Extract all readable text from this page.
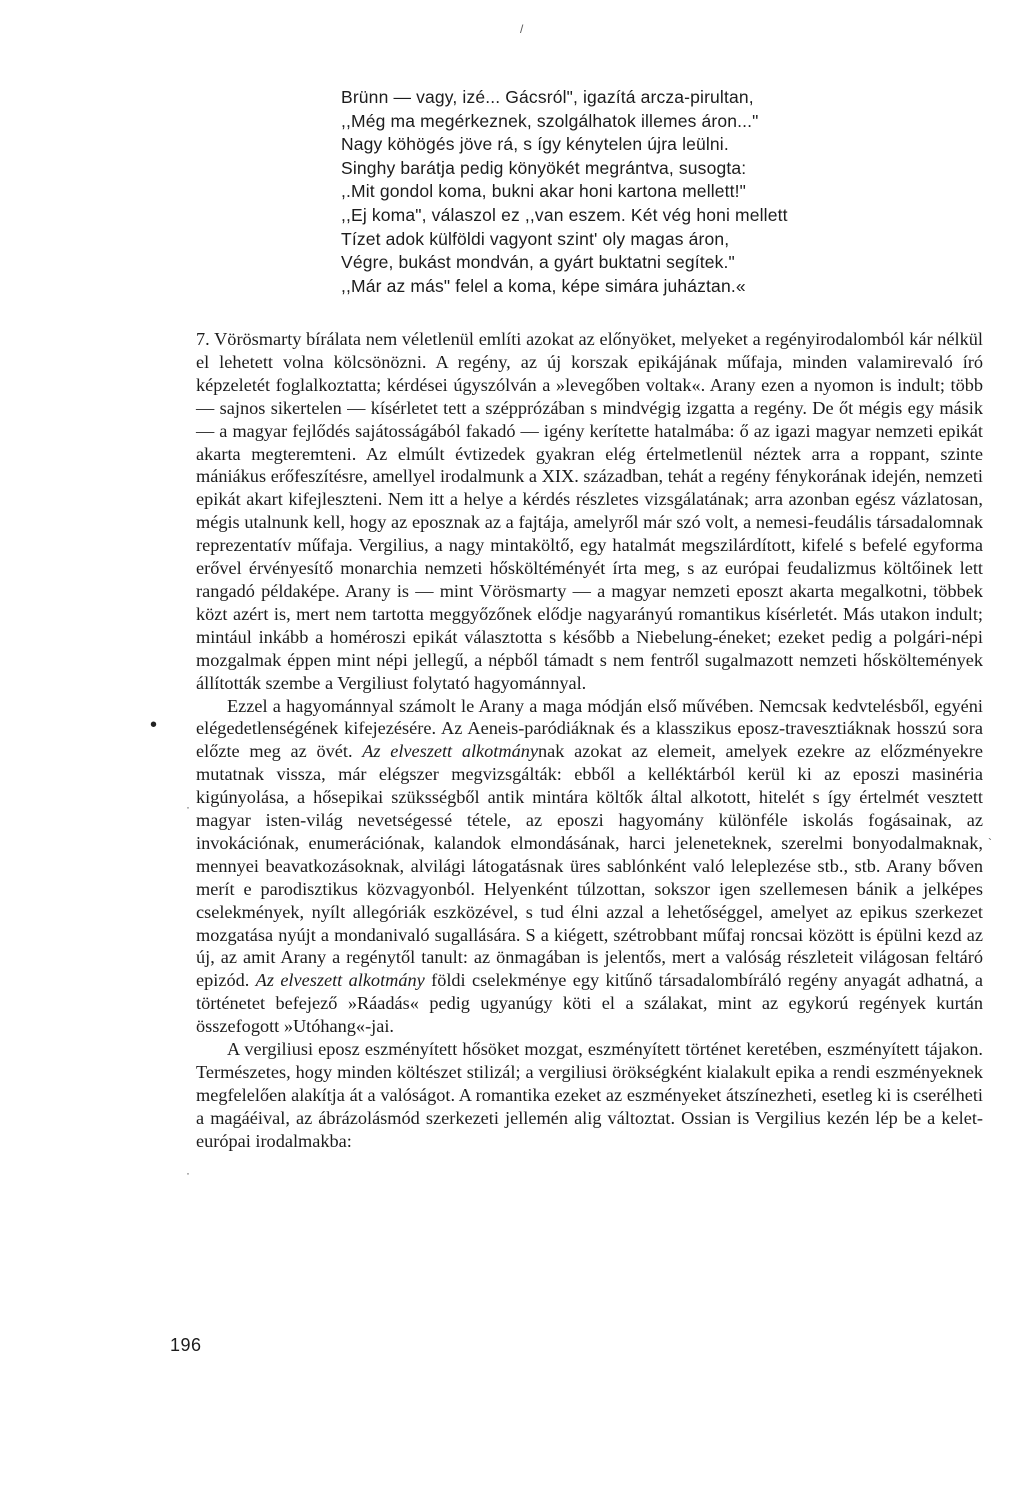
/
Brünn — vagy, izé... Gácsról", igazítá arcza-pirultan,
,,Még ma megérkeznek, szolgálhatok illemes áron..."
Nagy köhögés jöve rá, s így kénytelen újra leülni.
Singhy barátja pedig könyökét megrántva, susogta:
,.Mit gondol koma, bukni akar honi kartona mellett!"
,,Ej koma", válaszol ez ,,van eszem. Két vég honi mellett
Tízet adok külföldi vagyont szint' oly magas áron,
Végre, bukást mondván, a gyárt buktatni segítek."
,,Már az más" felel a koma, képe simára juháztan.«

7. Vörösmarty bírálata nem véletlenül említi azokat az előnyöket, melyeket a regényirodalomból kár nélkül el lehetett volna kölcsönözni. A regény, az új korszak epikájának műfaja, minden valamirevaló író képzeletét foglalkoztatta; kérdései úgyszólván a »levegőben voltak«. Arany ezen a nyomon is indult; több — sajnos sikertelen — kísérletet tett a szépprózában s mindvégig izgatta a regény. De őt mégis egy másik — a magyar fejlődés sajátosságából fakadó — igény kerítette hatalmába: ő az igazi magyar nemzeti epikát akarta megteremteni. Az elmúlt évtizedek gyakran elég értelmetlenül néztek arra a roppant, szinte mániákus erőfeszítésre, amellyel irodalmunk a XIX. században, tehát a regény fénykorának idején, nemzeti epikát akart kifejleszteni. Nem itt a helye a kérdés részletes vizsgálatának; arra azonban egész vázlatosan, mégis utalnunk kell, hogy az eposznak az a fajtája, amelyről már szó volt, a nemesi-feudális társadalomnak reprezentatív műfaja. Vergilius, a nagy mintaköltő, egy hatalmát megszilárdított, kifelé s befelé egyforma erővel érvényesítő monarchia nemzeti hősköltéményét írta meg, s az európai feudalizmus költőinek lett rangadó példaképe. Arany is — mint Vörösmarty — a magyar nemzeti eposzt akarta megalkotni, többek közt azért is, mert nem tartotta meggyőzőnek elődje nagyarányú romantikus kísérletét. Más utakon indult; mintául inkább a homéroszi epikát választotta s később a Niebelung-éneket; ezeket pedig a polgári-népi mozgalmak éppen mint népi jellegű, a népből támadt s nem fentről sugalmazott nemzeti hősköltemények állították szembe a Vergiliust folytató hagyománnyal.

Ezzel a hagyománnyal számolt le Arany a maga módján első művében. Nemcsak kedvtelésből, egyéni elégedetlenségének kifejezésére. Az Aeneis-paródiáknak és a klasszikus eposz-travesztiáknak hosszú sora előzte meg az övét. Az elveszett alkotmánynak azokat az elemeit, amelyek ezekre az előzményekre mutatnak vissza, már elégszer megvizsgálták: ebből a kelléktárból kerül ki az eposzi masinéria kigúnyolása, a hősepikai szüksségből antik mintára költők által alkotott, hitelét s így értelmét vesztett magyar isten-világ nevetségessé tétele, az eposzi hagyomány különféle iskolás fogásainak, az invokációnak, enumerációnak, kalandok elmondásának, harci jeleneteknek, szerelmi bonyodalmaknak, mennyei beavatkozásoknak, alvilági látogatásnak üres sablónként való leleplezése stb., stb. Arany bőven merít e parodisztikus közvagyonból. Helyenként túlzottan, sokszor igen szellemesen bánik a jelképes cselekmények, nyílt allegóriák eszközével, s tud élni azzal a lehetőséggel, amelyet az epikus szerkezet mozgatása nyújt a mondanivaló sugallására. S a kiégett, szétrobbant műfaj roncsai között is épülni kezd az új, az amit Arany a regénytől tanult: az önmagában is jelentős, mert a valóság részleteit világosan feltáró epizód. Az elveszett alkotmány földi cselekménye egy kitűnő társadalombíráló regény anyagát adhatná, a történetet befejező »Ráadás« pedig ugyanúgy köti el a szálakat, mint az egykorú regények kurtán összefogott »Utóhang«-jai.

A vergiliusi eposz eszményített hősöket mozgat, eszményített történet keretében, eszményített tájakon. Természetes, hogy minden költészet stilizál; a vergiliusi örökségként kialakult epika a rendi eszményeknek megfelelően alakítja át a valóságot. A romantika ezeket az eszményeket átszínezheti, esetleg ki is cserélheti a magáéival, az ábrázolásmód szerkezeti jellemén alig változtat. Ossian is Vergilius kezén lép be a kelet-európai irodalmakba:

•
·
`
·
196
